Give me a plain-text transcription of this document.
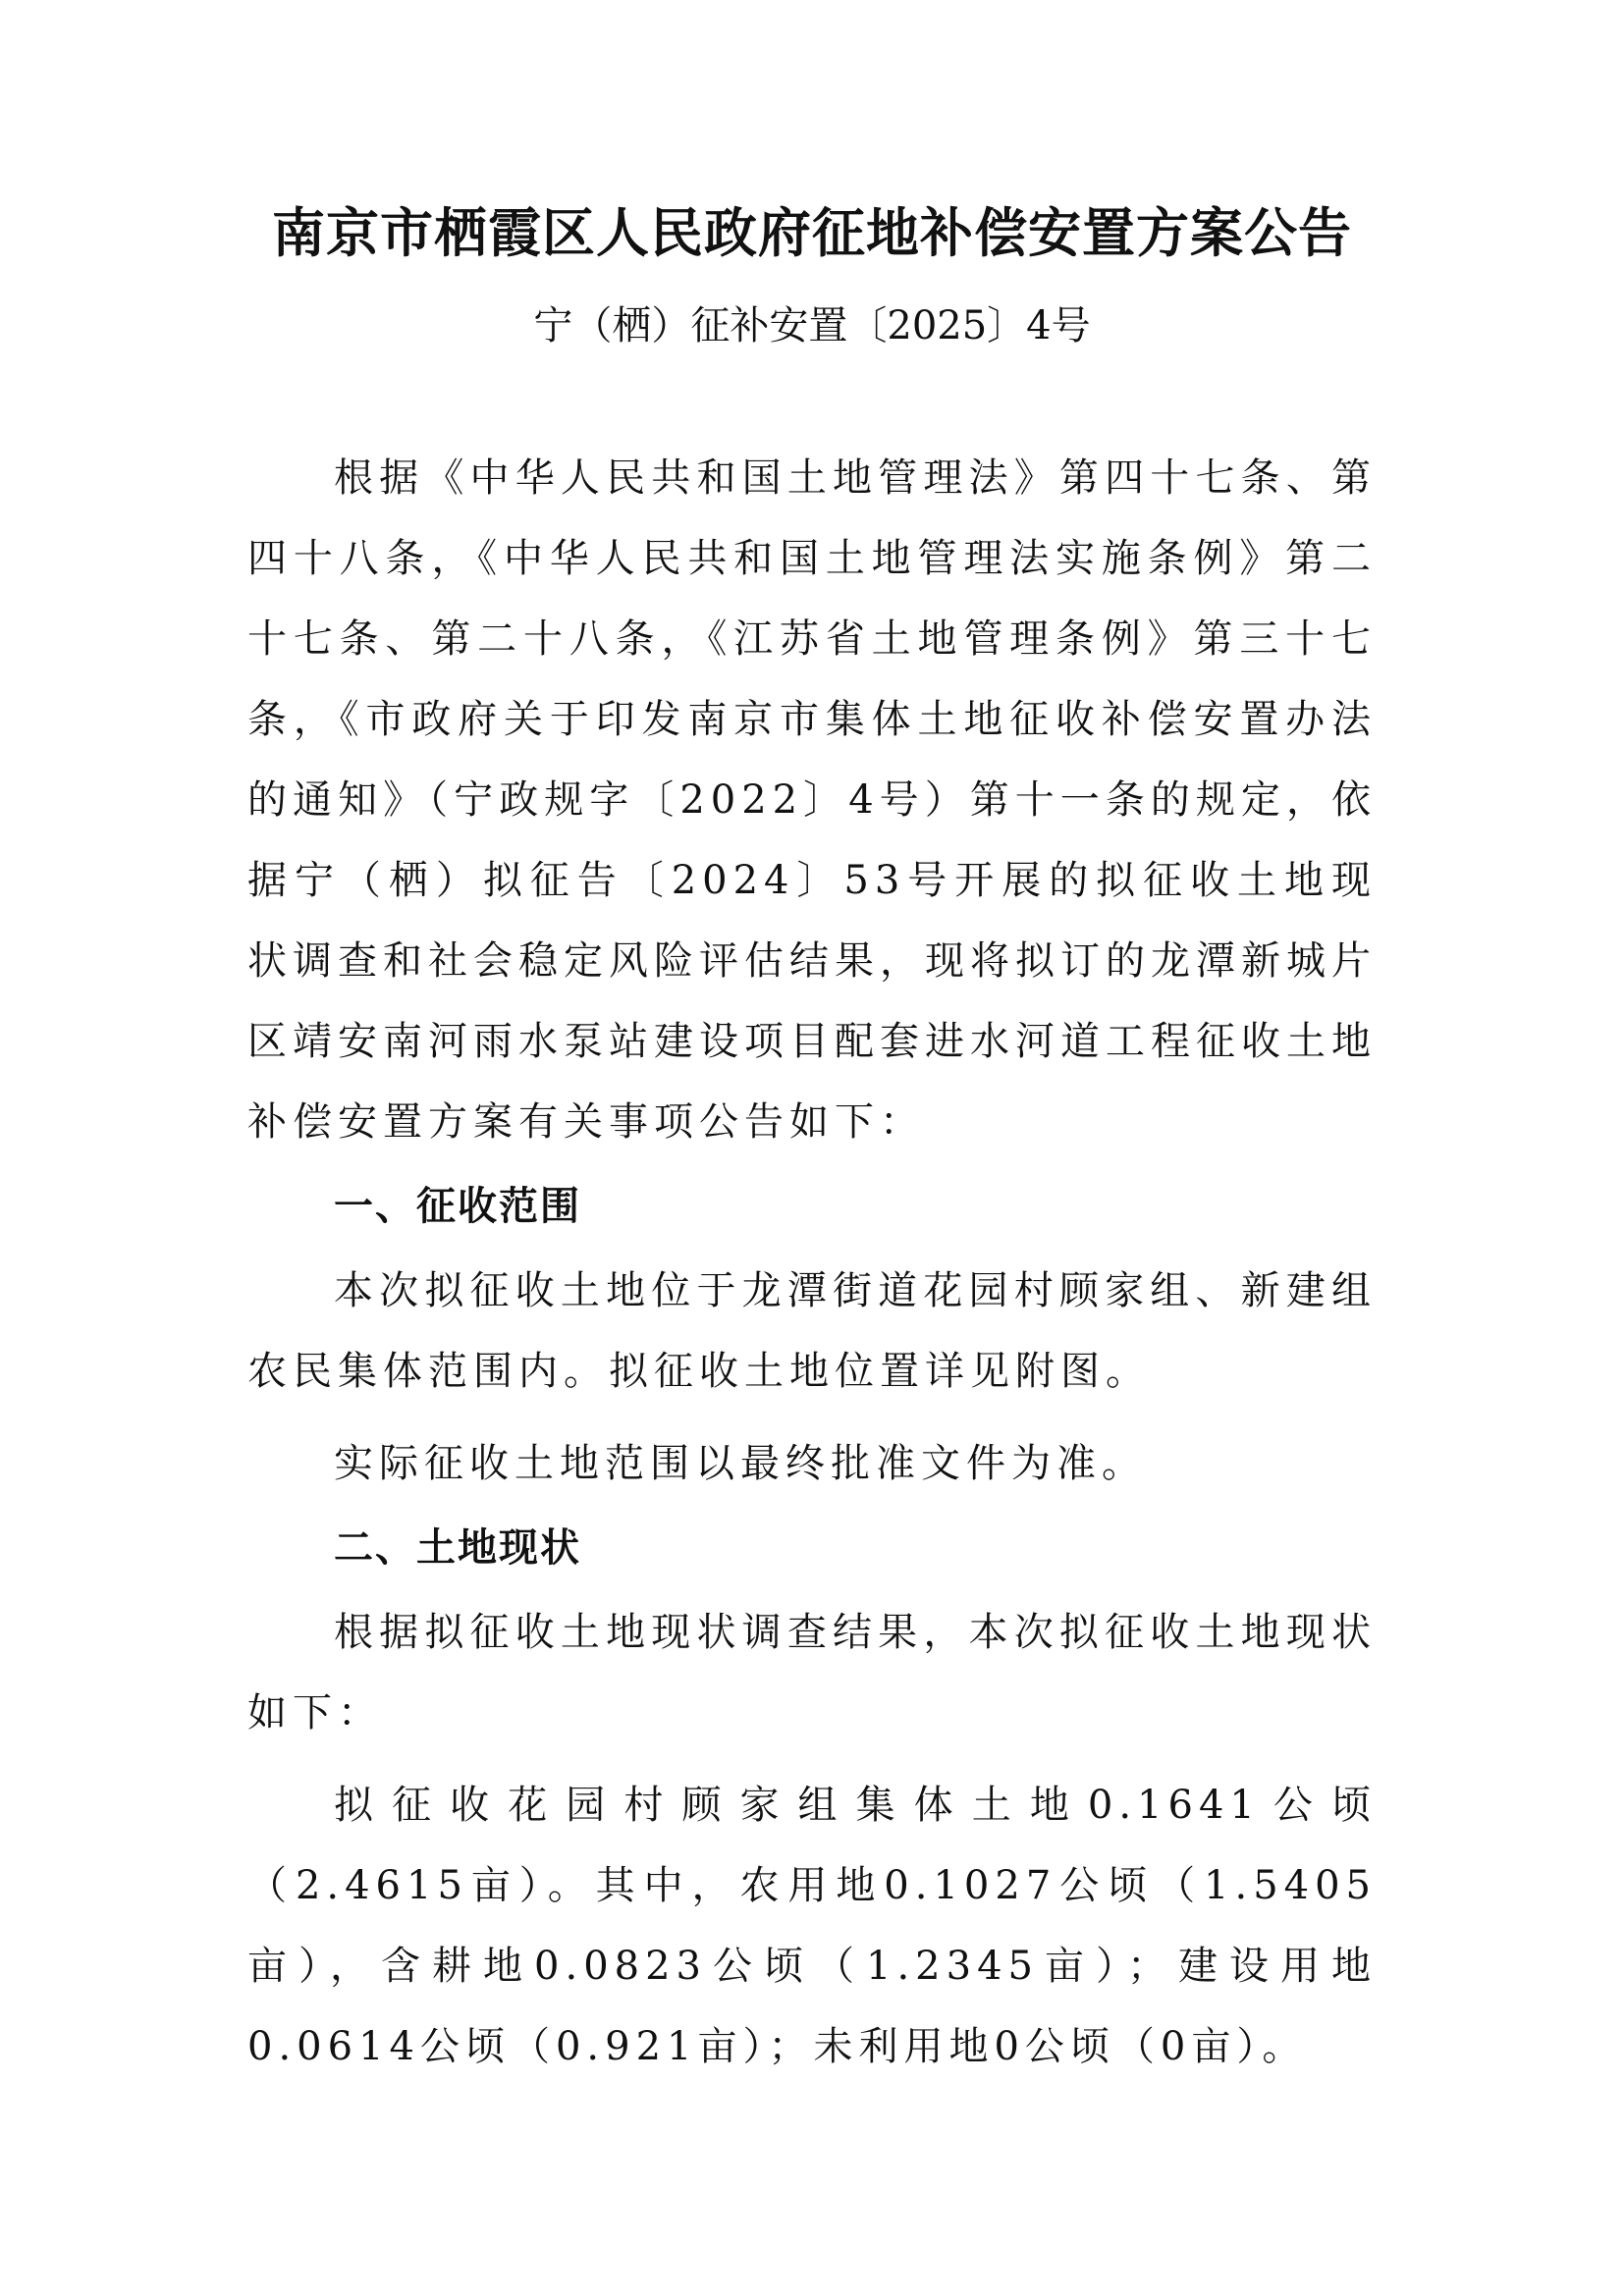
南京市栖霞区人民政府征地补偿安置方案公告

宁（栖）征补安置〔2025〕4号

根据《中华人民共和国土地管理法》第四十七条、第四十八条，《中华人民共和国土地管理法实施条例》第二十七条、第二十八条，《江苏省土地管理条例》第三十七条，《市政府关于印发南京市集体土地征收补偿安置办法的通知》（宁政规字〔2022〕4号）第十一条的规定，依据宁（栖）拟征告〔2024〕53号开展的拟征收土地现状调查和社会稳定风险评估结果，现将拟订的龙潭新城片区靖安南河雨水泵站建设项目配套进水河道工程征收土地补偿安置方案有关事项公告如下：

一、征收范围

本次拟征收土地位于龙潭街道花园村顾家组、新建组农民集体范围内。拟征收土地位置详见附图。

实际征收土地范围以最终批准文件为准。

二、土地现状

根据拟征收土地现状调查结果，本次拟征收土地现状如下：

拟征收花园村顾家组集体土地0.1641公顷（2.4615亩）。其中，农用地0.1027公顷（1.5405亩），含耕地0.0823公顷（1.2345亩）；建设用地0.0614公顷（0.921亩）；未利用地0公顷（0亩）。
